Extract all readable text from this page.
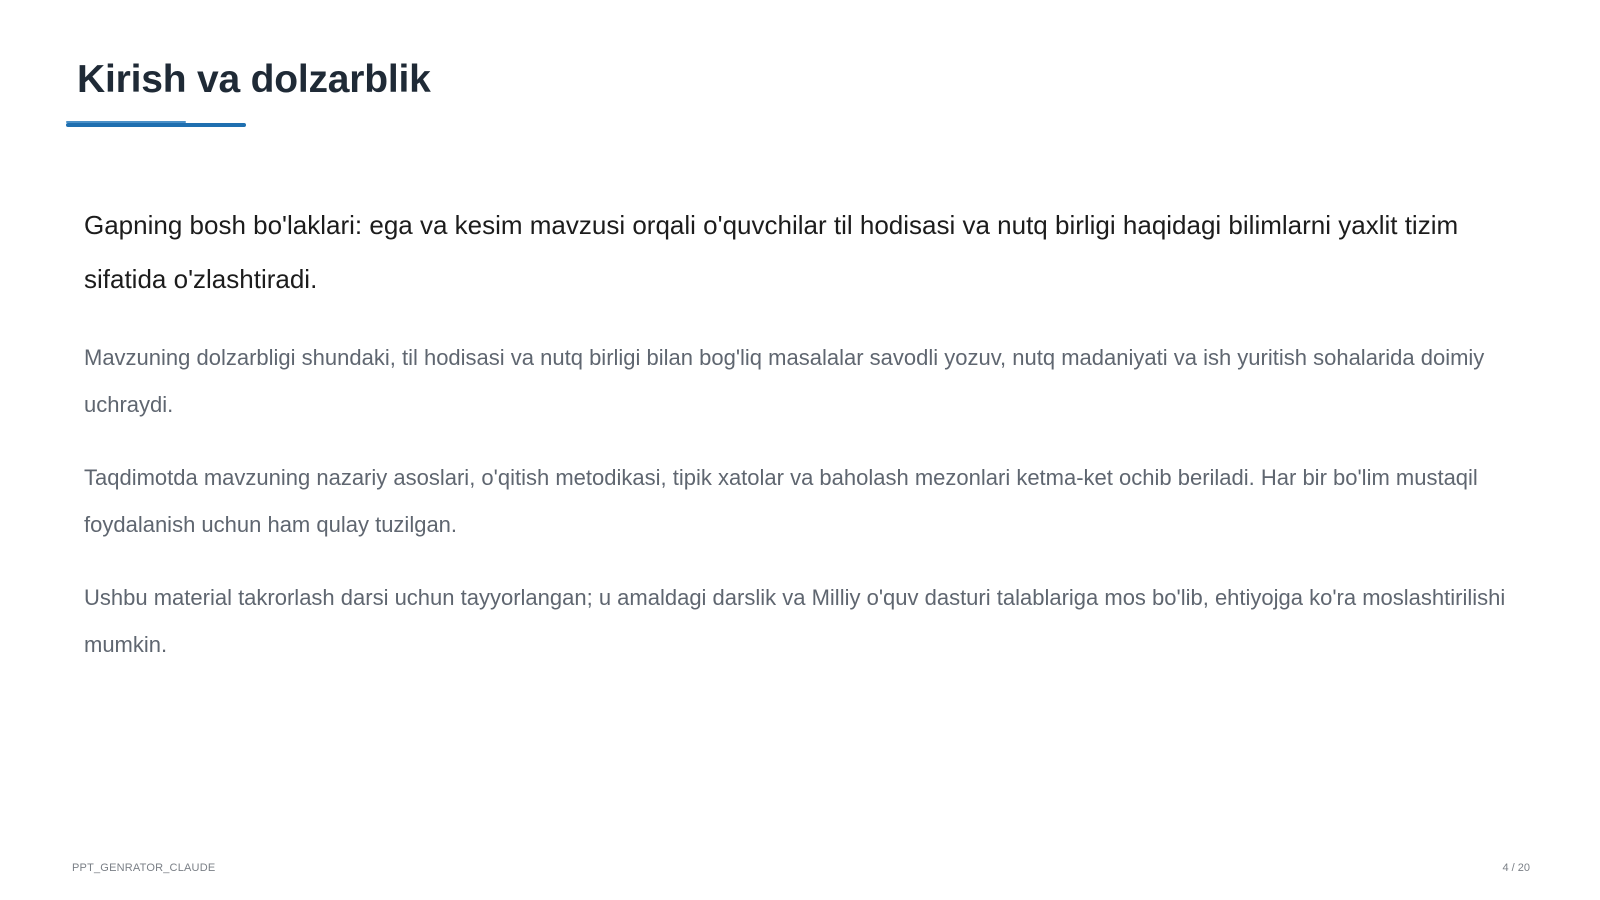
Kirish va dolzarblik

Gapning bosh bo'laklari: ega va kesim mavzusi orqali o'quvchilar til hodisasi va nutq birligi haqidagi bilimlarni yaxlit tizim sifatida o'zlashtiradi.

Mavzuning dolzarbligi shundaki, til hodisasi va nutq birligi bilan bog'liq masalalar savodli yozuv, nutq madaniyati va ish yuritish sohalarida doimiy uchraydi.

Taqdimotda mavzuning nazariy asoslari, o'qitish metodikasi, tipik xatolar va baholash mezonlari ketma-ket ochib beriladi. Har bir bo'lim mustaqil foydalanish uchun ham qulay tuzilgan.

Ushbu material takrorlash darsi uchun tayyorlangan; u amaldagi darslik va Milliy o'quv dasturi talablariga mos bo'lib, ehtiyojga ko'ra moslashtirilishi mumkin.

PPT_GENRATOR_CLAUDE	4 / 20
